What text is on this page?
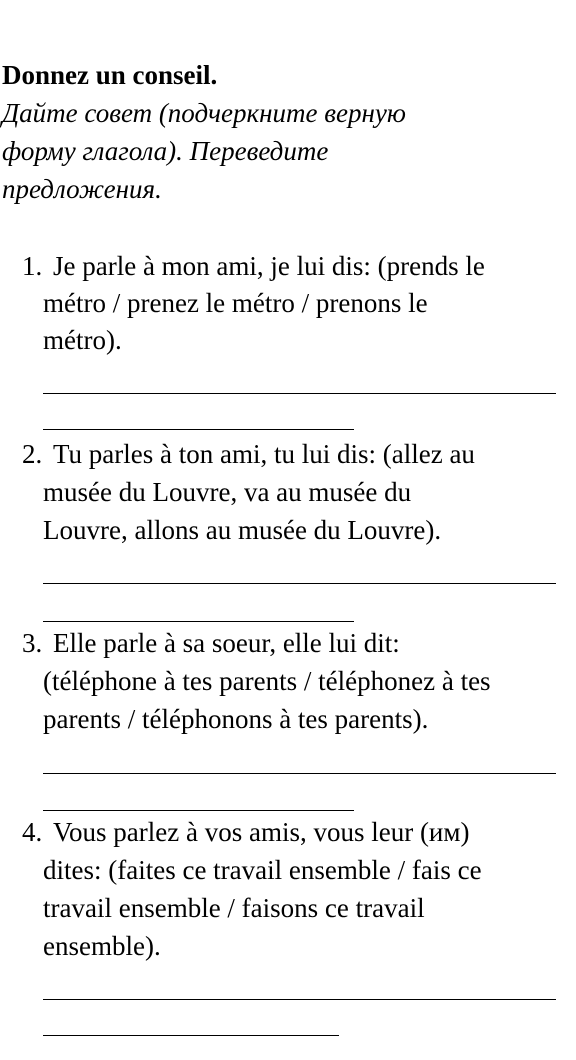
Donnez un conseil.
Дайте совет (подчеркните верную
форму глагола). Переведите
предложения.
1. Je parle à mon ami, je lui dis: (prends le
métro / prenez le métro / prenons le
métro).
2. Tu parles à ton ami, tu lui dis: (allez au
musée du Louvre, va au musée du
Louvre, allons au musée du Louvre).
3. Elle parle à sa soeur, elle lui dit:
(téléphone à tes parents / téléphonez à tes
parents / téléphonons à tes parents).
4. Vous parlez à vos amis, vous leur (им)
dites: (faites ce travail ensemble / fais ce
travail ensemble / faisons ce travail
ensemble).
